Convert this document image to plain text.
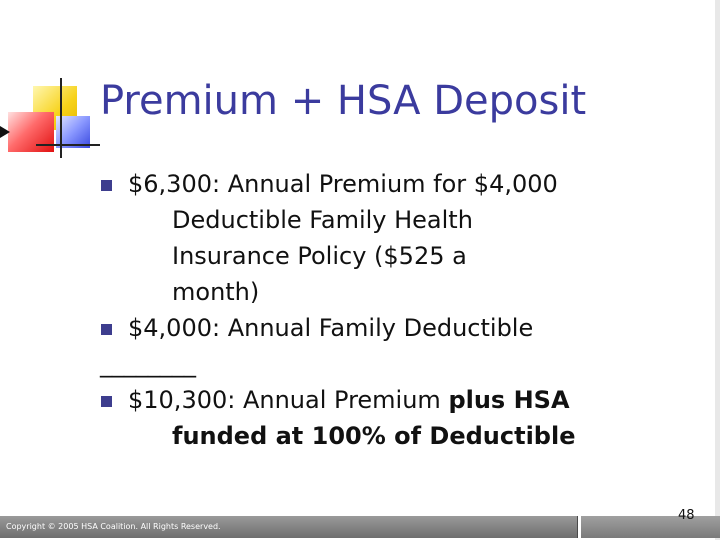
Premium + HSA Deposit
$6,300: Annual Premium for $4,000
Deductible Family Health
Insurance Policy ($525 a
month)
$4,000: Annual Family Deductible
________
$10,300: Annual Premium plus HSA
funded at 100% of Deductible
Copyright © 2005 HSA Coalition. All Rights Reserved.
48
